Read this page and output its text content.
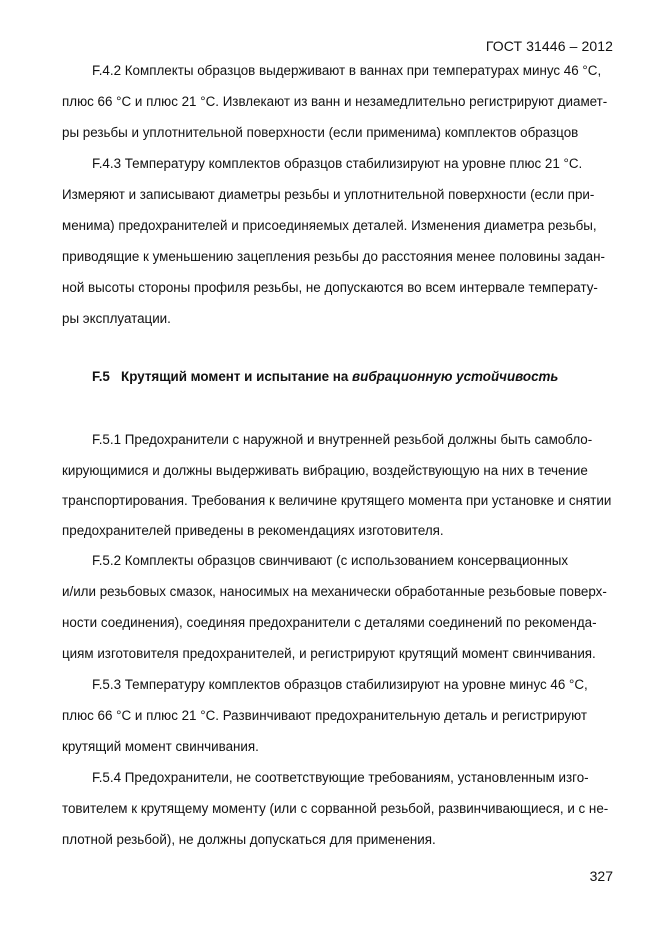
ГОСТ 31446 – 2012
F.4.2 Комплекты образцов выдерживают в ваннах при температурах минус 46 °С,
плюс 66 °С и плюс 21 °С. Извлекают из ванн и незамедлительно регистрируют диамет-
ры резьбы и уплотнительной поверхности (если применима) комплектов образцов
F.4.3 Температуру комплектов образцов стабилизируют на уровне плюс 21 °С.
Измеряют и записывают диаметры резьбы и уплотнительной поверхности (если при-
менима) предохранителей и присоединяемых деталей. Изменения диаметра резьбы,
приводящие к уменьшению зацепления резьбы до расстояния менее половины задан-
ной высоты стороны профиля резьбы, не допускаются во всем интервале температу-
ры эксплуатации.
F.5 Крутящий момент и испытание на вибрационную устойчивость
F.5.1 Предохранители с наружной и внутренней резьбой должны быть самобло-
кирующимися и должны выдерживать вибрацию, воздействующую на них в течение
транспортирования. Требования к величине крутящего момента при установке и снятии
предохранителей приведены в рекомендациях изготовителя.
F.5.2 Комплекты образцов свинчивают (с использованием консервационных
и/или резьбовых смазок, наносимых на механически обработанные резьбовые поверх-
ности соединения), соединяя предохранители с деталями соединений по рекоменда-
циям изготовителя предохранителей, и регистрируют крутящий момент свинчивания.
F.5.3 Температуру комплектов образцов стабилизируют на уровне минус 46 °С,
плюс 66 °С и плюс 21 °С. Развинчивают предохранительную деталь и регистрируют
крутящий момент свинчивания.
F.5.4 Предохранители, не соответствующие требованиям, установленным изго-
товителем к крутящему моменту (или с сорванной резьбой, развинчивающиеся, и с не-
плотной резьбой), не должны допускаться для применения.
327
